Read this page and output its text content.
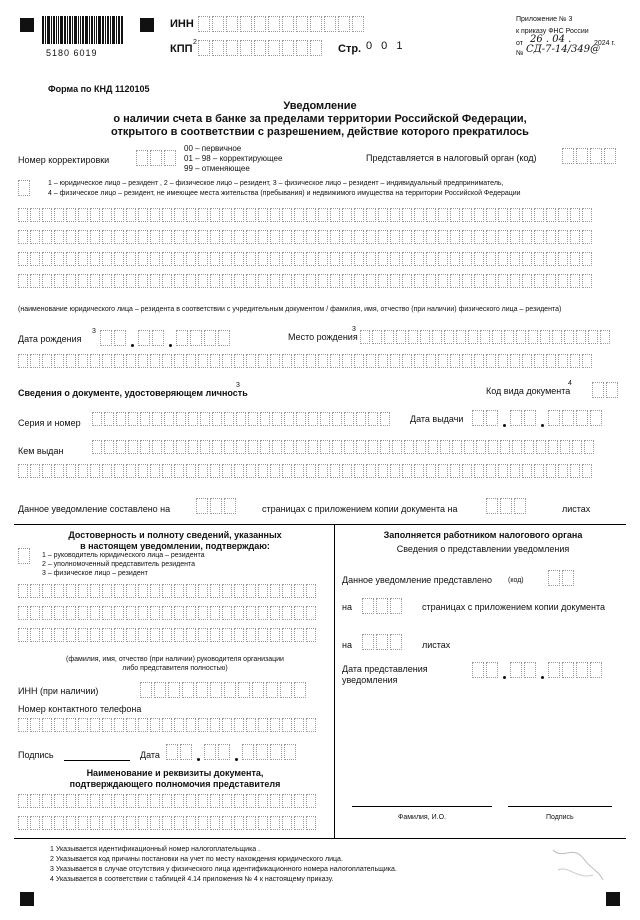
5180 6019
ИНН
КПП
2
Стр. 0 0 1
Приложение № 3
к приказу ФНС России
от 26 . 04 .	2024 г.
№ СД-7-14/349@
Форма по КНД 1120105
Уведомление
о наличии счета в банке за пределами территории Российской Федерации,
открытого в соответствии с разрешением, действие которого прекратилось
Номер корректировки
00 – первичное
01 – 98 – корректирующее
99 – отменяющее
Представляется в налоговый орган (код)
1 – юридическое лицо – резидент , 2 – физическое лицо – резидент, 3 – физическое лицо – резидент – индивидуальный предприниматель,
4 – физическое лицо – резидент, не имеющее места жительства (пребывания) и недвижимого имущества на территории Российской Федерации
(наименование юридического лица – резидента в соответствии с учредительным документом / фамилия, имя, отчество (при наличии) физического лица – резидента)
Дата рождения
3
Место рождения
3
Сведения о документе, удостоверяющем личность
3
Код вида документа
4
Серия и номер	Дата выдачи
Кем выдан
Данное уведомление составлено на	страницах с приложением копии документа на	листах
Достоверность и полноту сведений, указанных
в настоящем уведомлении, подтверждаю:
1 – руководитель юридического лица – резидента
2 – уполномоченный представитель резидента
3 – физическое лицо – резидент
(фамилия, имя, отчество (при наличии) руководителя организации
либо представителя полностью)
ИНН (при наличии)
Номер контактного телефона
Подпись	Дата
Наименование и реквизиты документа,
подтверждающего полномочия представителя
Заполняется работником налогового органа
Сведения о представлении уведомления
Данное уведомление представлено (код)
на	страницах с приложением копии документа
на	листах
Дата представления
уведомления
Фамилия, И.О.	Подпись
1 Указывается идентификационный номер налогоплательщика .
2 Указывается код причины постановки на учет по месту нахождения юридического лица.
3 Указывается в случае отсутствия у физического лица идентификационного номера налогоплательщика.
4 Указывается в соответствии с таблицей 4.14 приложения № 4 к настоящему приказу.
